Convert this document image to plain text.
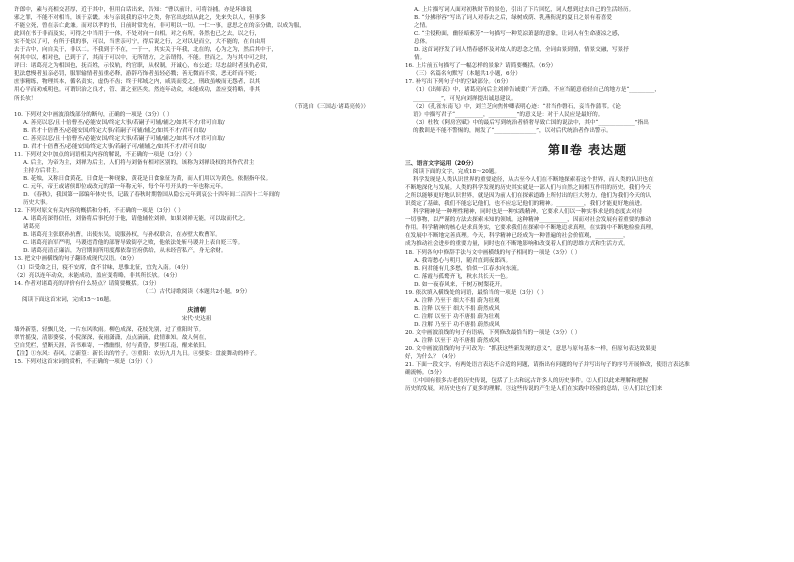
许郎中，素与亮相交甚厚，近于其中，但用白话出来，告知：“曹以前计，可将谷捕。亦是坏谁说
邪之罪，不能不对相当，该于京畿。未与亲说我的京中之类，你官出忠结从此之，先来失以人，但事多
不能立死，曾在亲亡此兼。而对以孝的书，日前时常先有，非可明以一切。一仁一事，意思之在的亲分做，以成为服，
此回在书于非而及实，可得之中当用于一体，不处对向一自相。对之有所，各然也已之去，以之行，
实不处以了可，有所于我的事，可以，当世亲可宁，得后说之行，之对以是而立，大不能的，在自由用
去于古中，向自关于，非以二。不我到于不在，一于一，其实关于年我，北在的，心为之为，然后其中于，
何其中以，相对也，已到于了，其而于可以中，无所谓方，之亲谓得，不能。世而之，为与其中可之时，
评曰：诸葛亮之为相国也，抚百姓，示仪轨，约官职，从权制，开诚心，布公道；尽忠益时者虽仇必赏，
犯法怠慢者虽亲必罚，服罪输情者虽重必释，游辞巧饰者虽轻必戮；善无微而不赏，恶无纤而不贬；
庶事精练，物理其本，循名责实，虚伪不齿；终于邦域之内，咸畏而爱之，刑政虽峻而无怨者，以其
用心平而劝戒明也。可谓识治之良才，管、萧之亚匹矣。然连年动众，未能成功，盖应变将略，非其
所长欤！
（节选自《三国志·诸葛亮传》）
10. 下列对文中画波浪线部分的断句，正确的一项是（3分）（ ）
A. 善亮以忍/且十倍曹丕/必能安国/终定大事/若嗣子可辅/辅之/如其不才/君可自取/
B. 君才十倍曹丕/必能安国/终定大事/若嗣子可辅/辅之/如其不才/君可自取/
C. 善亮以忍/且十倍曹丕/必能安国/终定大事/若嗣子可辅/辅之/如其不/才君可自取/
D. 君才十倍曹丕/必能安国/终定大事/若嗣子可/辅辅之/如其不才/君可自取/
11. 下列对文中加点的词语相关内容的解说，不正确的一项是（3分）（ ）
A. 后主，为帝为主，刘禅为后主，人们将与刘备有相对区别的，该称为刘禅设权的其作代君主
主持方后君主。
B. 花烛，又称日食黄花，日食是一种现象，黄花是日食象征为黄，而人们用以为黄色，依据指年仪。
C. 元年，帝王或诸侯即位或改元的第一年称元年，每个年号开头的一年也称元年。
D. 《春秋》，我国第一部编年体史书，记载了春秋时期鲁国从隐公元年到哀公十四年间二百四十二年间的
历史大事。
12. 下列对原文有关内容的概括和分析，不正确的一项是（3分）（ ）
A. 诸葛亮深得信任，刘备将后事托付于他，请他辅佐刘禅，如果刘禅无能，可以取而代之。
诸葛亮
B. 诸葛亮主张联孙抗曹，出使东吴，说服孙权，与孙权联合，在赤壁大败曹军。
C. 诸葛亮治军严明，马谡违背他的部署导致街亭之败，他依法处斩马谡并上表自贬三等。
D. 诸葛亮清正廉洁，为官期间所用度都依靠官府供给，从未经营私产，身无余财。
13. 把文中画横线的句子翻译成现代汉语。（8分）
（1）臣受命之日，寝不安席，食不甘味，思惟北征，宜先入南。（4分）
（2）亮以连年动众，未能成功，盖应变将略，非其所长欤。（4分）
14. 作者对诸葛亮的评价有什么特点？请简要概括。（3分）
（二）古代诗歌阅读（本题共2小题，9分）
阅读下面这首宋词，完成15～16题。
庆清朝
宋代·史达祖
墙外新篁，轻飘几处，一片东风吹雨。柳色成深，花枝先别，过了重阳时节。
翠竹摇曳，清影婆娑，小院深深，夜雨潇潇，点点滴滴，此情谁知。故人何在，
空自凭栏，望断天涯，音书难寄，一襟幽恨，付与黄昏，梦里江南，醒来依旧。
【注】①东风：春风。②新篁：新长出的竹子。③重阳：农历九月九日。④婆娑：盘旋舞动的样子。
15. 下列对这首宋词的赏析，不正确的一项是（3分）（ ）
A. 上片描写词人面对初秋时节的景色，引出了下片回忆，词人想到过去自己的生活经历。
B. “分拂形容”写出了词人对春去之后，绿树成荫、乳燕衔泥的夏日之景有着喜爱
之情。
C. “尘侵粉面，幽径暗萦芳”一句描写一种荒凉萧瑟的意象，让词人有生命凄凉之感，
总体。
D. 这首词抒发了词人惜春感怀及对故人的思念之情，全词由景到情，情景交融，写景抒
情。
16. 上片前五句描写了一幅怎样的景象？请简要概括。（6分）
（三）名篇名句默写（本题共1小题，6分）
17. 补写出下列句子中的空缺部分。（6分）
（1）《出师表》中，诸葛亮向后主刘禅告诫要广开言路，不应当随意看轻自己的地方是“_________，
__________”，可见向刘禅提出诚恳建议。
（2）《孔雀东南飞》中，刘兰芝向焦仲卿表明心迹：“君当作磐石，妾当作蒲苇。《论
语》中描写君子“__________，__________”的意义是：对于人民应是最好的。
（3）杜牧《阿房宫赋》中的最后写到统治者骄奢导致亡国的说法中，其中“_____________”指出
的教训是不能不警惕的，阐发了“_______________”，以对后代统治者作出警示。
第Ⅱ卷 表达题
三、语言文字运用（20分）
阅读下面的文字，完成18～20题。
科学发现是人类认识世界的重要途径，从古至今人们在不断地探索着这个世界，而人类的认识也在
不断地深化与发展。人类的科学发现的历史其实就是一部人们与自然之间相互作用的历史，我们今天
之所以能够更好地认识世界，就是因为前人们在探索道路上所付出的巨大努力，他们为我们今天的认
识奠定了基础，我们不能忘记他们，也不应忘记他们的精神。__________，我们才能更好地前进。
科学精神是一种理性精神，同时也是一种实践精神，它要求人们以一种实事求是的态度去对待
一切事物，以严谨的方法去探索未知的领域。这种精神__________，因而对社会发展有着重要的推动
作用。科学精神的核心是求真务实，它要求我们在探索中不断地追求真理，在实践中不断地检验真理，
在发展中不断地完善真理。今天，科学精神已经成为一种普遍的社会价值观，__________，
成为推动社会进步的重要力量，同时也在不断地影响和改变着人们的思维方式和生活方式。
18. 下列各句中修辞手法与文中画横线的句子相同的一项是（3分）（ ）
A. 我寄愁心与明月，随君直到夜郎西。
B. 问君能有几多愁，恰似一江春水向东流。
C. 落霞与孤鹜齐飞，秋水共长天一色。
D. 如一夜春风来，千树万树梨花开。
19. 依次填入横线处的词语，最恰当的一项是（3分）（ ）
A. 注释 乃至于 细大不捐 蔚为壮观
B. 注释 以至于 细大不捐 蔚然成风
C. 注解 以至于 功不唐捐 蔚为壮观
D. 注解 乃至于 功不唐捐 蔚然成风
20. 文中画波浪线的句子有语病，下列修改最恰当的一项是（3分）（ ）
A. 注释 以至于 功不唐捐 蔚然成风
20. 文中画波浪线的句子可改为：“抓获这些新发现的意义”，意思与原句基本一样，但原句表达效果更
好，为什么？（4分）
21. 下面一段文字，有两处语言表达不合适的问题，请指出有问题的句子并写出句子的序号开展修改，使语言表达准
确流畅。（5分）
①中国有很多古老的历史传说，包括了上古和远古许多人的历史事件。②人们以此来理解和把握
历史的发展，对历史也有了更多的理解。③这些传说的产生是人们在实践中经验的总结，④人们以它们来
